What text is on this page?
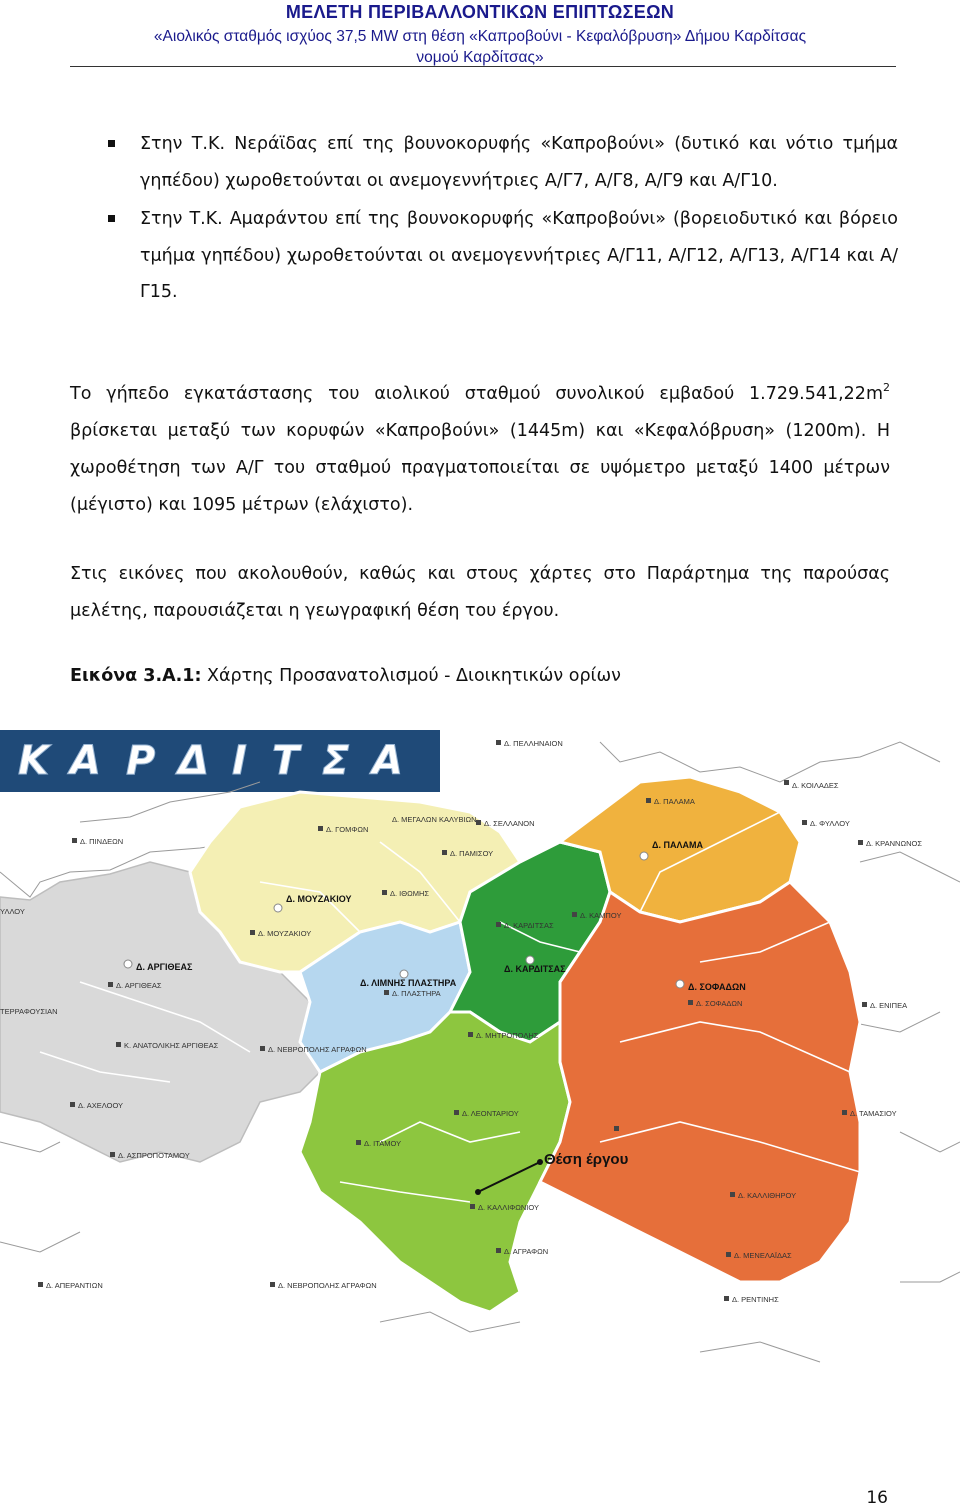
ΜΕΛΕΤΗ ΠΕΡΙΒΑΛΛΟΝΤΙΚΩΝ ΕΠΙΠΤΩΣΕΩΝ
«Αιολικός σταθμός ισχύος 37,5 MW στη θέση «Καπροβούνι - Κεφαλόβρυση» Δήμου Καρδίτσας
νομού Καρδίτσας»
Στην Τ.Κ. Νεράϊδας επί της βουνοκορυφής «Καπροβούνι» (δυτικό και νότιο τμήμα γηπέδου) χωροθετούνται οι ανεμογεννήτριες Α/Γ7, Α/Γ8, Α/Γ9 και Α/Γ10.
Στην Τ.Κ. Αμαράντου επί της βουνοκορυφής «Καπροβούνι» (βορειοδυτικό και βόρειο τμήμα γηπέδου) χωροθετούνται οι ανεμογεννήτριες Α/Γ11, Α/Γ12, Α/Γ13, Α/Γ14 και Α/Γ15.
Το γήπεδο εγκατάστασης του αιολικού σταθμού συνολικού εμβαδού $1.729.541,22m^2$ βρίσκεται μεταξύ των κορυφών «Καπροβούνι» (1445m) και «Κεφαλόβρυση» (1200m). Η χωροθέτηση των Α/Γ του σταθμού πραγματοποιείται σε υψόμετρο μεταξύ 1400 μέτρων (μέγιστο) και 1095 μέτρων (ελάχιστο).
Στις εικόνες που ακολουθούν, καθώς και στους χάρτες στο Παράρτημα της παρούσας μελέτης, παρουσιάζεται η γεωγραφική θέση του έργου.
Εικόνα 3.Α.1: Χάρτης Προσανατολισμού - Διοικητικών ορίων
Κ Α Ρ Δ Ι Τ Σ Α	Δ. ΠΕΛΛΗΝΑΙΟΝ
Δ. ΚΟΙΛΑΔΕΣ
Δ. ΠΑΛΑΜΑ
Δ. ΜΕΓΑΛΩΝ ΚΑΛΥΒΙΩΝ Δ. ΣΕΛΛΑΝΟΝ	Δ. ΦΥΛΛΟΥ
Δ. ΚΡΑΝΝΩΝΟΣ
Δ. ΓΟΜΦΩΝ
Δ. ΠΙΝΔΕΩΝ
Δ. ΠΑΜΙΣΟΥ
Δ. ΙΘΩΜΗΣ
Δ. ΜΟΥΖΑΚΙΟΥ
Δ. ΚΑΡΔΙΤΣΑΣ
Δ. ΚΑΜΠΟΥ
Δ. ΑΡΓΙΘΕΑΣ
Δ. ΠΛΑΣΤΗΡΑ
Δ. ΕΝΙΠΕΑ
Δ. ΣΟΦΑΔΩΝ
Δ. ΜΗΤΡΟΠΟΛΗΣ
Κ. ΑΝΑΤΟΛΙΚΗΣ ΑΡΓΙΘΕΑΣ	Δ. ΝΕΒΡΟΠΟΛΗΣ ΑΓΡΑΦΩΝ
Δ. ΑΧΕΛΟΟΥ
Δ. ΛΕΟΝΤΑΡΙΟΥ	Δ. ΤΑΜΑΣΙΟΥ
Δ. ΑΣΠΡΟΠΟΤΑΜΟΥ
Δ. ΙΤΑΜΟΥ
Δ. ΚΑΛΛΙΦΩΝΙΟΥ
Δ. ΚΑΛΛΙΘΗΡΟΥ
Δ. ΜΕΝΕΛΑΪΔΑΣ
Δ. ΑΓΡΑΦΩΝ
Δ. ΝΕΒΡΟΠΟΛΗΣ ΑΓΡΑΦΩΝ
Δ. ΡΕΝΤΙΝΗΣ
Δ. ΑΠΕΡΑΝΤΙΩΝ
ΥΛΛΟΥ
ΤΕΡΡΑΦΟΥΣΙΑΝ
Δ. ΠΑΛΑΜΑ
Δ. ΜΟΥΖΑΚΙΟΥ
Δ. ΑΡΓΙΘΕΑΣ
Δ. ΛΙΜΝΗΣ ΠΛΑΣΤΗΡΑ
Δ. ΚΑΡΔΙΤΣΑΣ
Δ. ΣΟΦΑΔΩΝ
Θέση έργου
16
